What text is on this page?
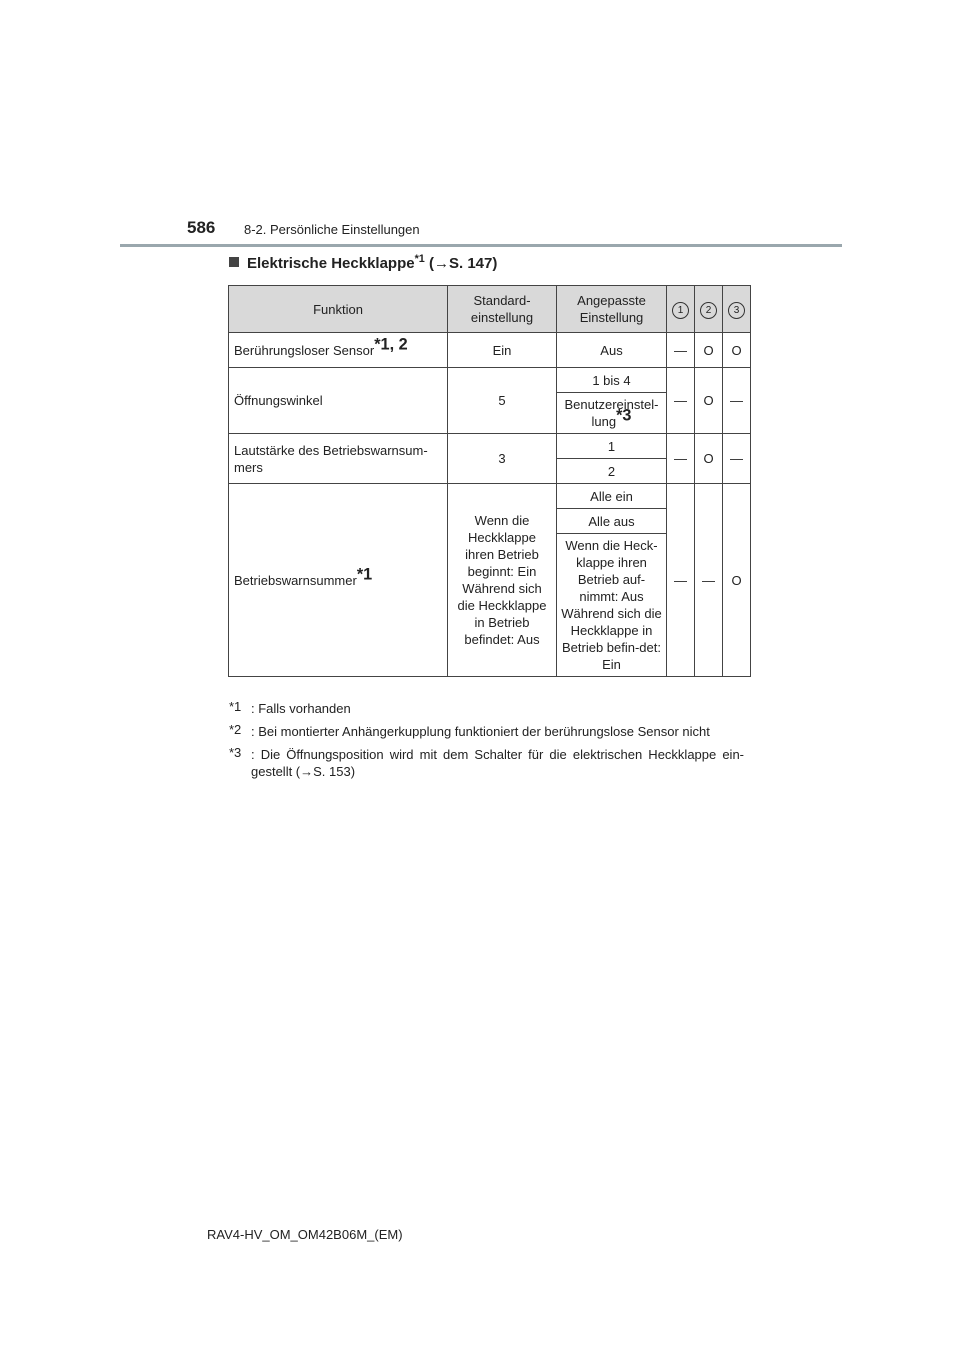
586 8-2. Persönliche Einstellungen
Elektrische Heckklappe$^{*1}$ (→S. 147)
Funktion	Standard-einstellung	Angepasste Einstellung	1	2	3
Berührungsloser Sensor$^{*1, 2}$	Ein	Aus	—	O	O
Öffnungswinkel	5	1 bis 4	—	O	—
		Benutzereinstel-lung$^{*3}$
Lautstärke des Betriebswarnsum-mers	3	1	—	O	—
		2			
Betriebswarnsummer$^{*1}$	Wenn die Heckklappe ihren Betrieb beginnt: Ein Während sich die Heckklappe in Betrieb befindet: Aus	Alle ein	—	—	O
		Alle aus			
		Wenn die Heck-klappe ihren Betrieb auf-nimmt: Aus Während sich die Heckklappe in Betrieb befin-det: Ein			
*1 : Falls vorhanden
*2 : Bei montierter Anhängerkupplung funktioniert der berührungslose Sensor nicht
*3 : Die Öffnungsposition wird mit dem Schalter für die elektrischen Heckklappe ein-gestellt (→S. 153)
RAV4-HV_OM_OM42B06M_(EM)
